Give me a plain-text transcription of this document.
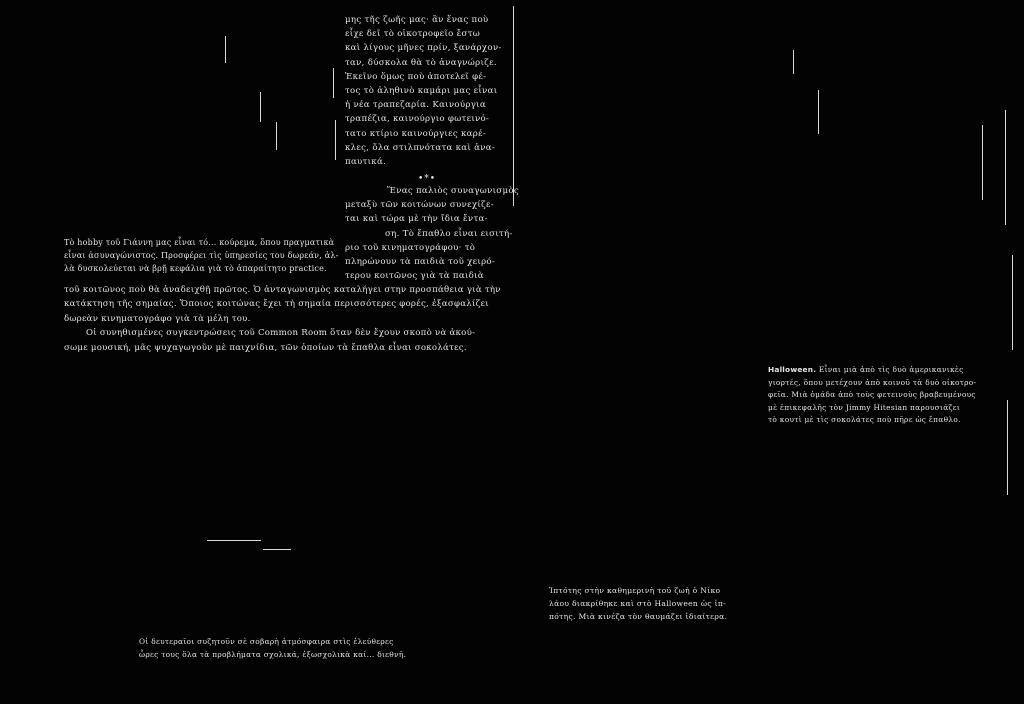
μης τῆς ζωῆς μας· ἂν ἕνας ποὺ
εἶχε δεῖ τὸ οἰκοτροφεῖο ἔστω
καὶ λίγους μῆνες πρίν, ξανάρχον-
ταν, δύσκολα θὰ τὸ ἀναγνώριζε.
Ἐκεῖνο ὅμως ποὺ ἀποτελεῖ φέ-
τος τὸ ἀληθινὸ καμάρι μας εἶναι
ἡ νέα τραπεζαρία. Καινούργια
τραπέζια, καινούργιο φωτεινό-
τατο κτίριο καινούργιες καρέ-
κλες, ὅλα στιλπνότατα καὶ ἀνα-
παυτικά.
•*•
Ἕνας παλιὸς συναγωνισμὸς
μεταξὺ τῶν κοιτώνων συνεχίζε-
ται καὶ τώρα μὲ τὴν ἴδια ἔντα-
ση. Τὸ ἔπαθλο εἶναι εισιτή-
ριο τοῦ κινηματογράφου· τὸ
πληρώνουν τὰ παιδιὰ τοῦ χειρό-
τερου κοιτῶνος γιὰ τὰ παιδιὰ
Τὸ hobby τοῦ Γιάννη μας εἶναι τό... κούρεμα, ὅπου πραγματικὰ
εἶναι ἀσυναγώνιστος. Προσφέρει τὶς ὑπηρεσίες του δωρεάν, ἀλ-
λὰ δυσκολεύεται νὰ βρῇ κεφάλια γιὰ τὸ ἀπαραίτητο practice.
τοῦ κοιτῶνος ποὺ θὰ ἀναδειχθῇ πρῶτος. Ὁ ἀνταγωνισμὸς καταλήγει στην προσπάθεια γιὰ τὴν
κατάκτηση τῆς σημαίας. Ὅποιος κοιτώνας ἔχει τὴ σημαία περισσότερες φορές, ἐξασφαλίζει
δωρεὰν κινηματογράφο γιὰ τὰ μέλη του.
Οἱ συνηθισμένες συγκεντρώσεις τοῦ Common Room ὅταν δὲν ἔχουν σκοπὸ νὰ ἀκού-
σωμε μουσική, μᾶς ψυχαγωγοῦν μὲ παιχνίδια, τῶν ὁποίων τὰ ἔπαθλα εἶναι σοκολάτες.
Halloween. Εἶναι μιὰ ἀπὸ τὶς δυὸ ἀμερικανικὲς
γιορτές, ὅπου μετέχουν ἀπὸ κοινοῦ τὰ δυὸ οἰκοτρο-
φεῖα. Μιὰ ὁμάδα ἀπὸ τοὺς φετεινοὺς βραβευμένους
μὲ ἐπικεφαλῆς τὸν Jimmy Hitesian παρουσιάζει
τὸ κουτὶ μὲ τὶς σοκολάτες ποὺ πῆρε ὡς ἔπαθλο.
Ἰπτότης στὴν καθημερινὴ τοῦ ζωὴ ὁ Νίκο
λάου διακρίθηκε καὶ στὸ Halloween ὡς ἱπ-
πότης. Μιὰ κινέζα τὸν θαυμάζει ἰδιαίτερα.
Οἱ δευτεραῖοι συζητοῦν σὲ σοβαρὴ ἀτμόσφαιρα στὶς ἐλεύθερες
ὧρες τους ὅλα τὰ προβλήματα σχολικά, ἐξωσχολικὰ καί... διεθνῆ.
